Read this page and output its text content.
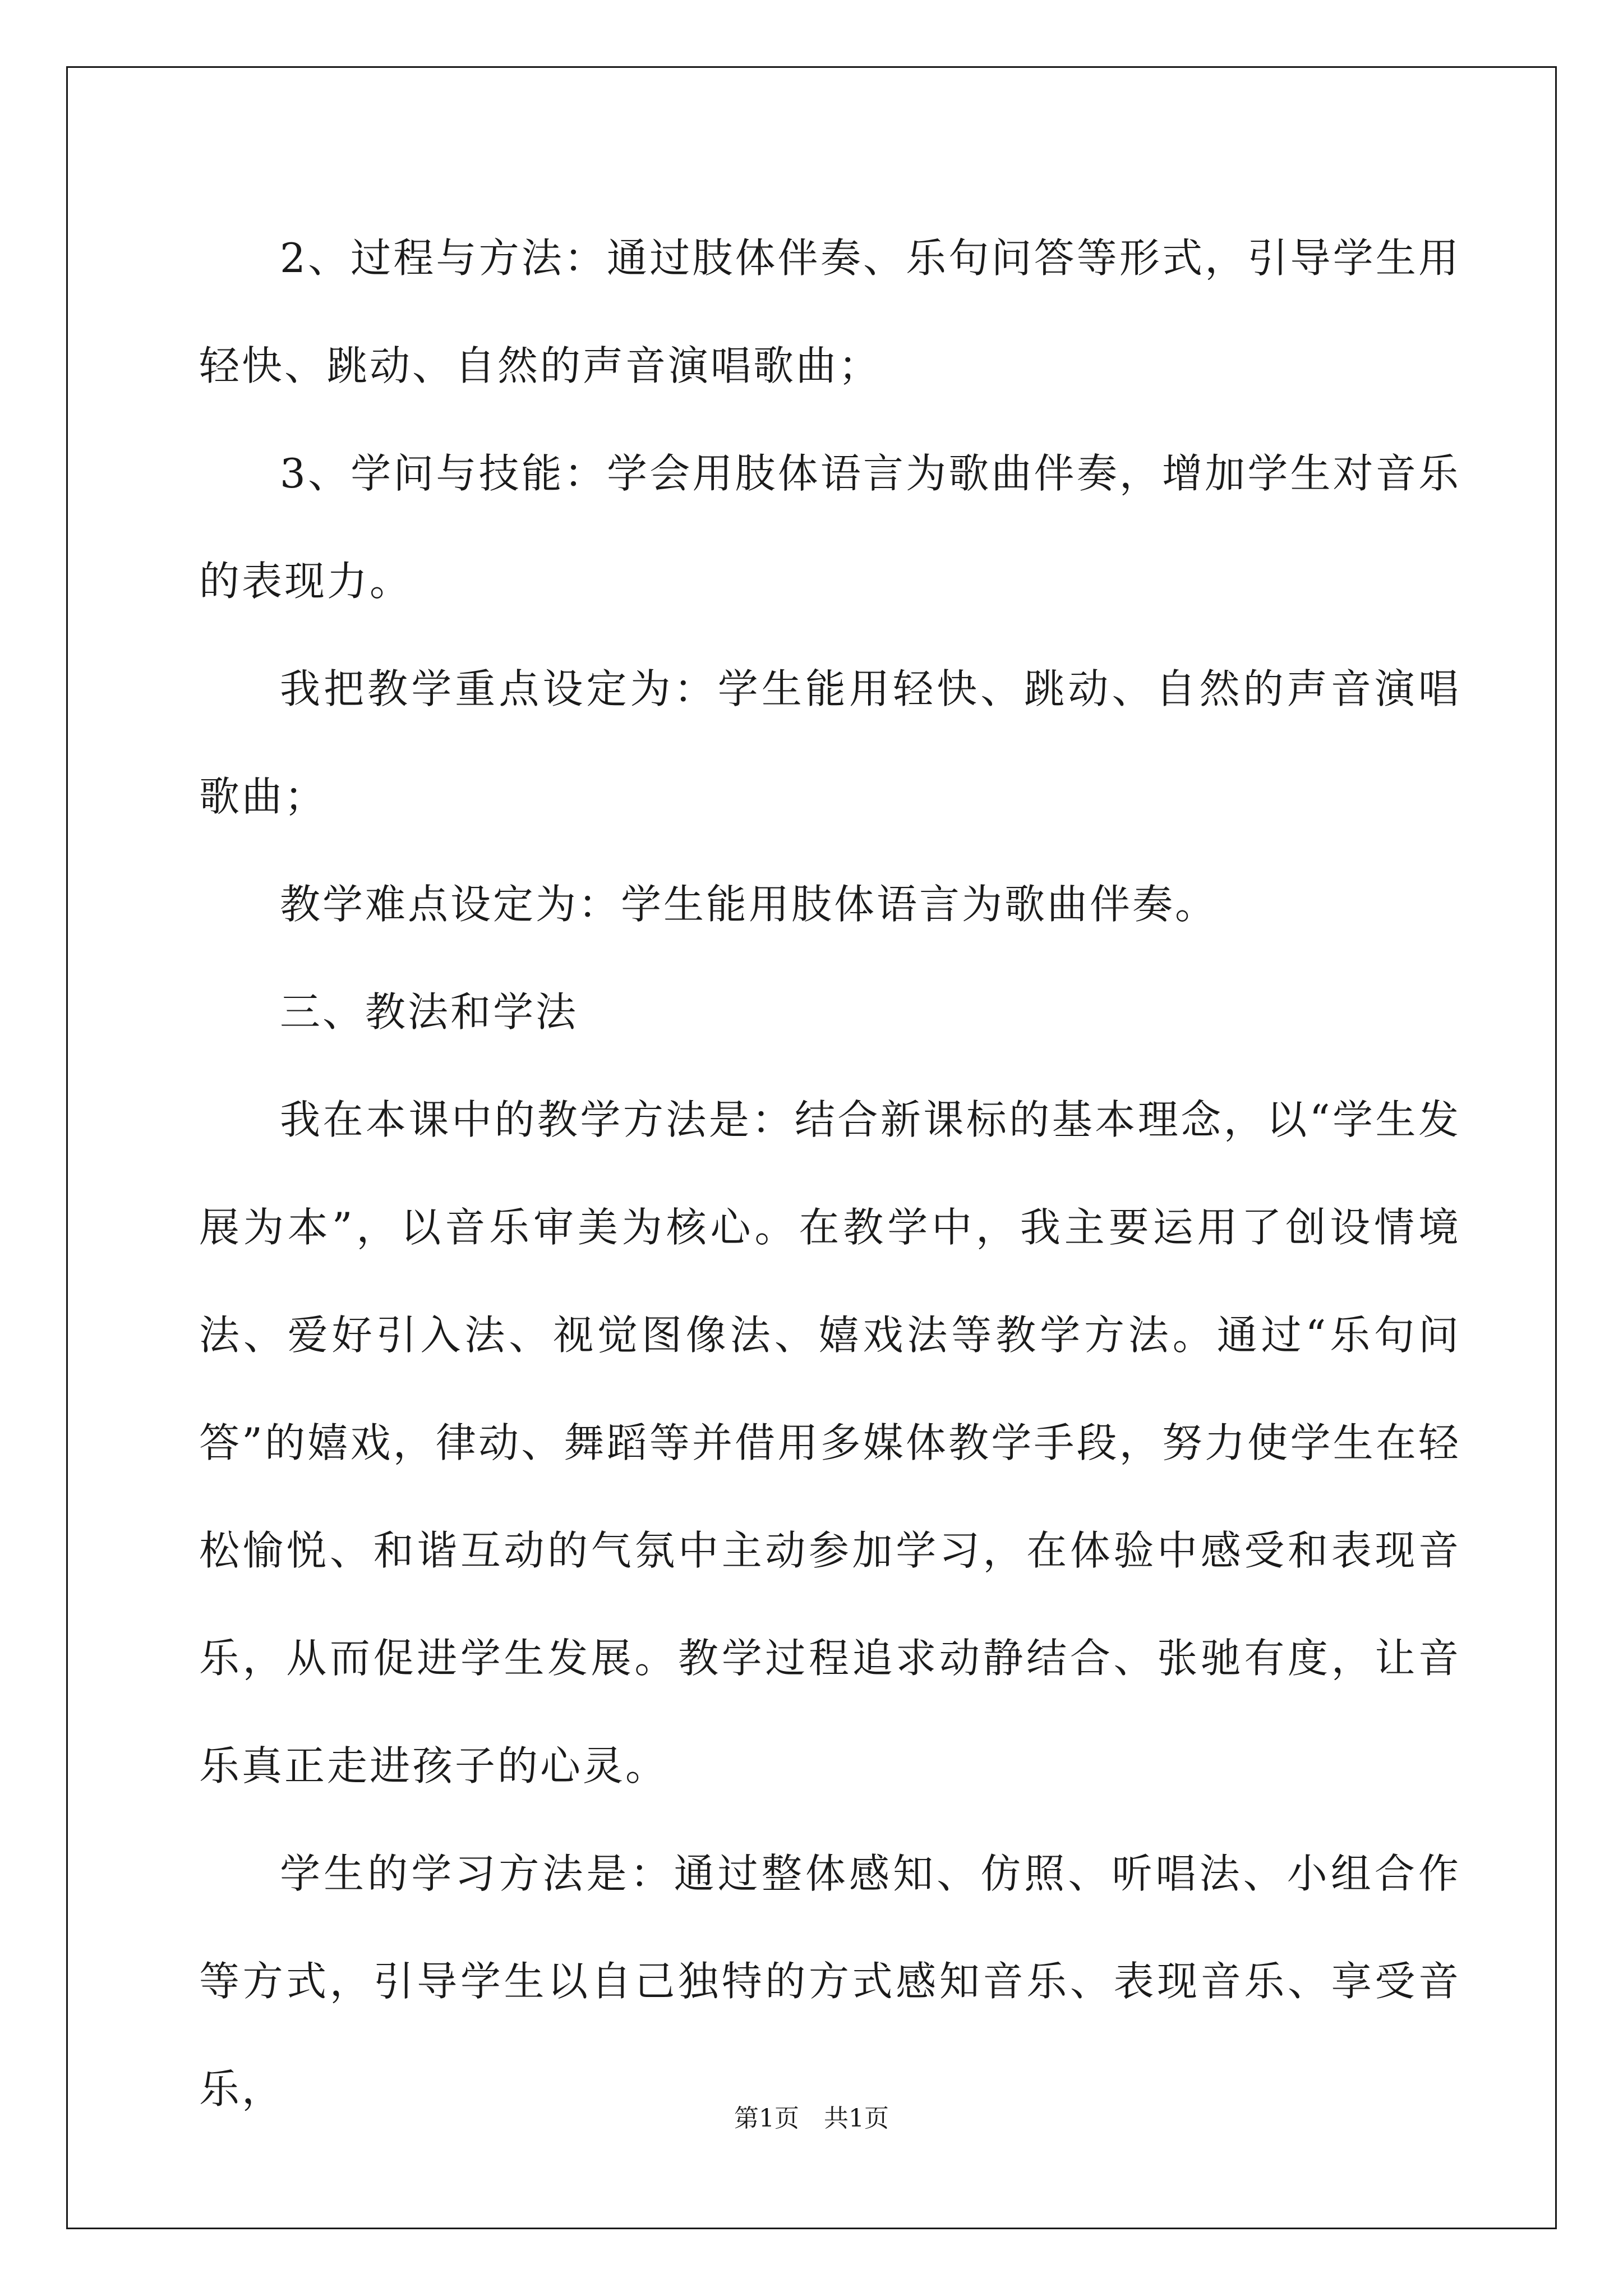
2、过程与方法：通过肢体伴奏、乐句问答等形式，引导学生用轻快、跳动、自然的声音演唱歌曲；

3、学问与技能：学会用肢体语言为歌曲伴奏，增加学生对音乐的表现力。

我把教学重点设定为：学生能用轻快、跳动、自然的声音演唱歌曲；

教学难点设定为：学生能用肢体语言为歌曲伴奏。

三、教法和学法

我在本课中的教学方法是：结合新课标的基本理念，以“学生发展为本”，以音乐审美为核心。在教学中，我主要运用了创设情境法、爱好引入法、视觉图像法、嬉戏法等教学方法。通过“乐句问答”的嬉戏，律动、舞蹈等并借用多媒体教学手段，努力使学生在轻松愉悦、和谐互动的气氛中主动参加学习，在体验中感受和表现音乐，从而促进学生发展。教学过程追求动静结合、张驰有度，让音乐真正走进孩子的心灵。

学生的学习方法是：通过整体感知、仿照、听唱法、小组合作等方式，引导学生以自己独特的方式感知音乐、表现音乐、享受音乐，

第1页　共1页
